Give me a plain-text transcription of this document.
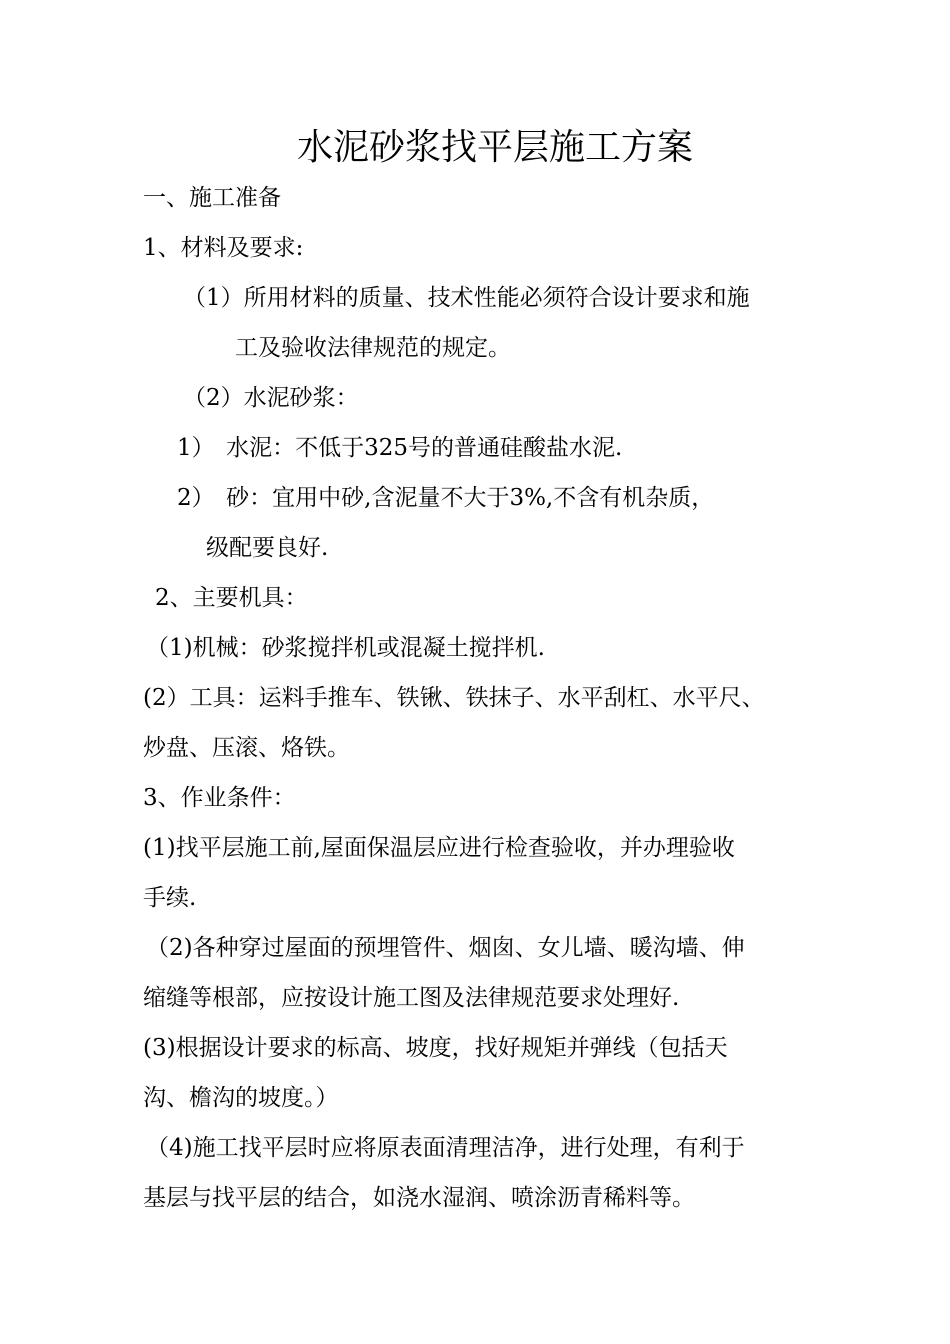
水泥砂浆找平层施工方案
一、施工准备
1、材料及要求:
（1）所用材料的质量、技术性能必须符合设计要求和施
工及验收法律规范的规定。
（2）水泥砂浆：
1）　水泥：不低于325号的普通硅酸盐水泥.
2）　砂：宜用中砂,含泥量不大于3%,不含有机杂质，
级配要良好.
2、主要机具：
（1)机械：砂浆搅拌机或混凝土搅拌机.
(2）工具：运料手推车、铁锹、铁抹子、水平刮杠、水平尺、
炒盘、压滚、烙铁。
3、作业条件：
(1)找平层施工前,屋面保温层应进行检查验收，并办理验收
手续.
（2)各种穿过屋面的预埋管件、烟囱、女儿墙、暖沟墙、伸
缩缝等根部，应按设计施工图及法律规范要求处理好.
(3)根据设计要求的标高、坡度，找好规矩并弹线（包括天
沟、檐沟的坡度。）
（4)施工找平层时应将原表面清理洁净，进行处理，有利于
基层与找平层的结合，如浇水湿润、喷涂沥青稀料等。
